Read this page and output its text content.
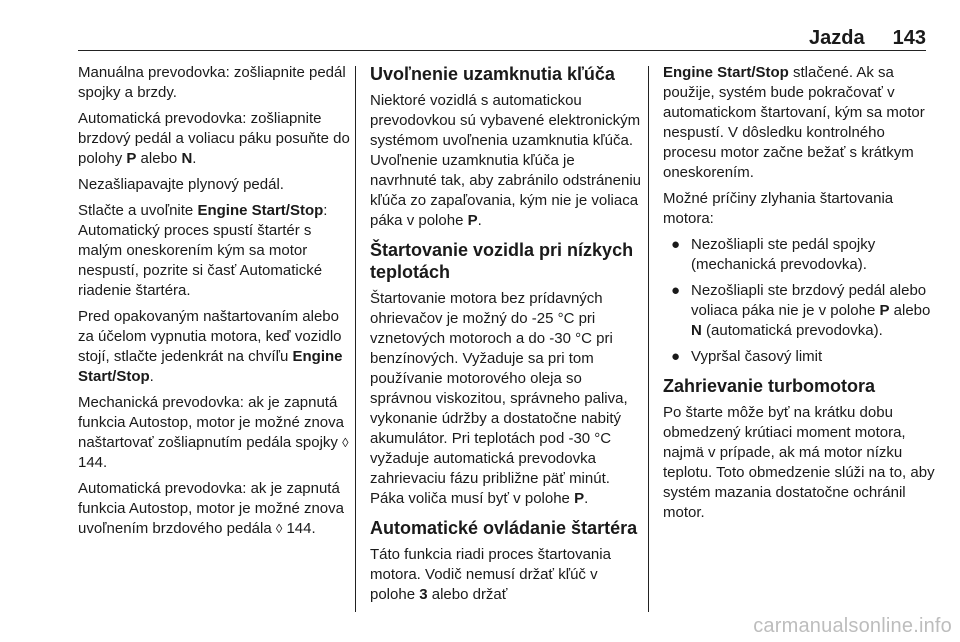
Jazda 143

Manuálna prevodovka: zošliapnite pedál spojky a brzdy.

Automatická prevodovka: zošliapnite brzdový pedál a voliacu páku posuňte do polohy P alebo N.

Nezašliapavajte plynový pedál.

Stlačte a uvoľnite Engine Start/Stop: Automatický proces spustí štartér s malým oneskorením kým sa motor nespustí, pozrite si časť Automatické riadenie štartéra.

Pred opakovaným naštartovaním alebo za účelom vypnutia motora, keď vozidlo stojí, stlačte jedenkrát na chvíľu Engine Start/Stop.

Mechanická prevodovka: ak je zapnutá funkcia Autostop, motor je možné znova naštartovať zošliapnutím pedála spojky ◊ 144.

Automatická prevodovka: ak je zapnutá funkcia Autostop, motor je možné znova uvoľnením brzdového pedála ◊ 144.

Uvoľnenie uzamknutia kľúča

Niektoré vozidlá s automatickou prevodovkou sú vybavené elektronickým systémom uvoľnenia uzamknutia kľúča. Uvoľnenie uzamknutia kľúča je navrhnuté tak, aby zabránilo odstráneniu kľúča zo zapaľovania, kým nie je voliaca páka v polohe P.

Štartovanie vozidla pri nízkych teplotách

Štartovanie motora bez prídavných ohrievačov je možný do -25 °C pri vznetových motoroch a do -30 °C pri benzínových. Vyžaduje sa pri tom používanie motorového oleja so správnou viskozitou, správneho paliva, vykonanie údržby a dostatočne nabitý akumulátor. Pri teplotách pod -30 °C vyžaduje automatická prevodovka zahrievaciu fázu približne päť minút. Páka voliča musí byť v polohe P.

Automatické ovládanie štartéra

Táto funkcia riadi proces štartovania motora. Vodič nemusí držať kľúč v polohe 3 alebo držať

Engine Start/Stop stlačené. Ak sa použije, systém bude pokračovať v automatickom štartovaní, kým sa motor nespustí. V dôsledku kontrolného procesu motor začne bežať s krátkym oneskorením.

Možné príčiny zlyhania štartovania motora:

● Nezošliapli ste pedál spojky (mechanická prevodovka).
● Nezošliapli ste brzdový pedál alebo voliaca páka nie je v polohe P alebo N (automatická prevodovka).
● Vypršal časový limit
Zahrievanie turbomotora

Po štarte môže byť na krátku dobu obmedzený krútiaci moment motora, najmä v prípade, ak má motor nízku teplotu. Toto obmedzenie slúži na to, aby systém mazania dostatočne ochránil motor.

carmanualsonline.info
